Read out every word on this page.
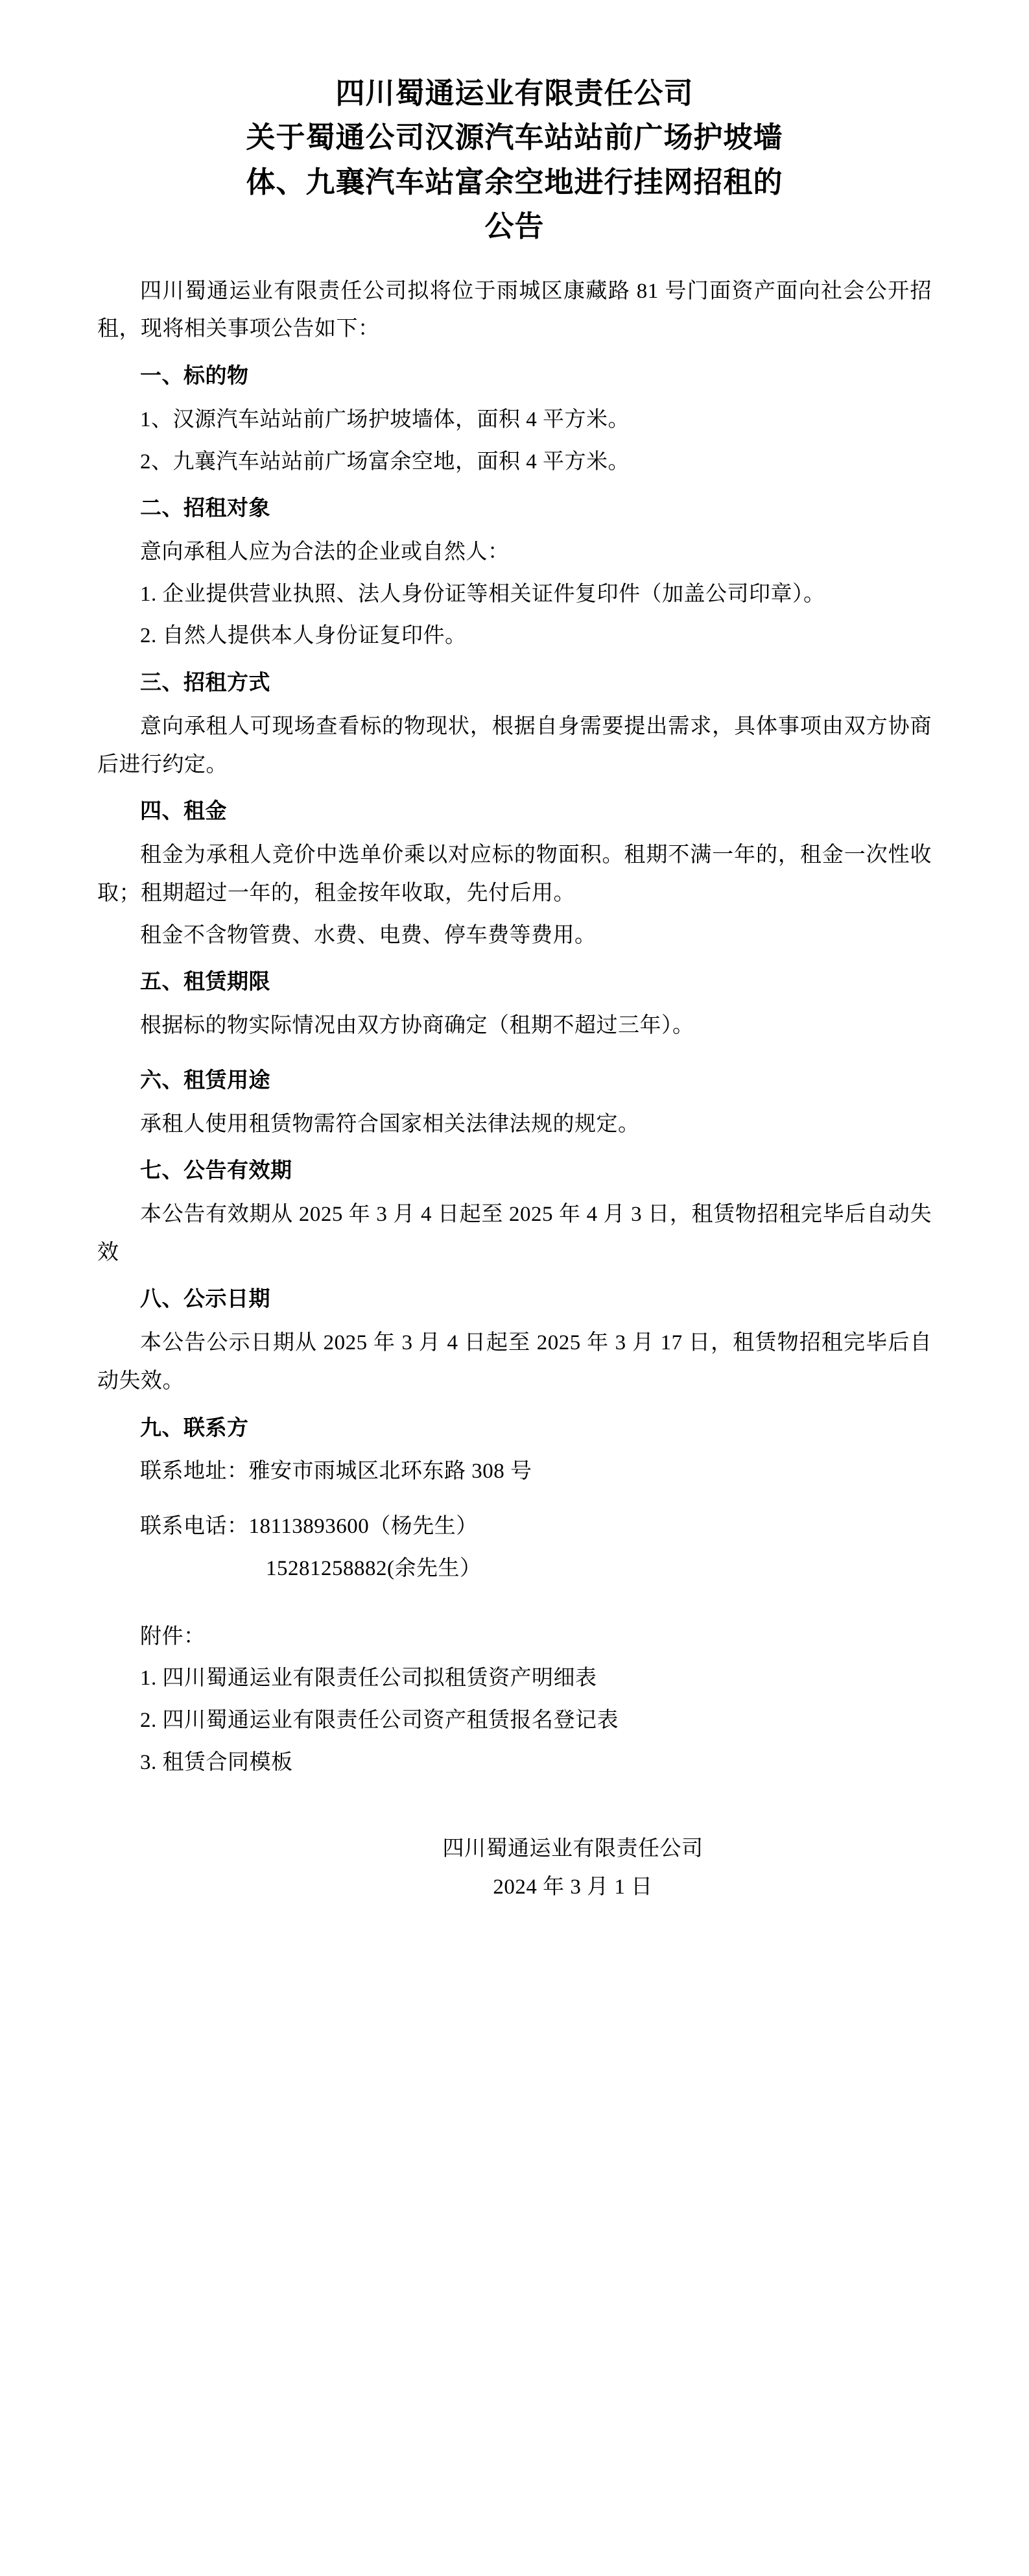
四川蜀通运业有限责任公司
关于蜀通公司汉源汽车站站前广场护坡墙
体、九襄汽车站富余空地进行挂网招租的
公告

四川蜀通运业有限责任公司拟将位于雨城区康藏路 81 号门面资产面向社会公开招租，现将相关事项公告如下：

一、标的物

1、汉源汽车站站前广场护坡墙体，面积 4 平方米。

2、九襄汽车站站前广场富余空地，面积 4 平方米。

二、招租对象

意向承租人应为合法的企业或自然人：

1. 企业提供营业执照、法人身份证等相关证件复印件（加盖公司印章）。

2. 自然人提供本人身份证复印件。

三、招租方式

意向承租人可现场查看标的物现状，根据自身需要提出需求，具体事项由双方协商后进行约定。

四、租金

租金为承租人竞价中选单价乘以对应标的物面积。租期不满一年的，租金一次性收取；租期超过一年的，租金按年收取，先付后用。

租金不含物管费、水费、电费、停车费等费用。

五、租赁期限

根据标的物实际情况由双方协商确定（租期不超过三年）。

六、租赁用途

承租人使用租赁物需符合国家相关法律法规的规定。

七、公告有效期

本公告有效期从 2025 年 3 月 4 日起至 2025 年 4 月 3 日，租赁物招租完毕后自动失效

八、公示日期

本公告公示日期从 2025 年 3 月 4 日起至 2025 年 3 月 17 日，租赁物招租完毕后自动失效。

九、联系方

联系地址：雅安市雨城区北环东路 308 号

联系电话：18113893600（杨先生）

15281258882(余先生）

附件：

1. 四川蜀通运业有限责任公司拟租赁资产明细表

2. 四川蜀通运业有限责任公司资产租赁报名登记表

3. 租赁合同模板

四川蜀通运业有限责任公司
2024 年 3 月 1 日
